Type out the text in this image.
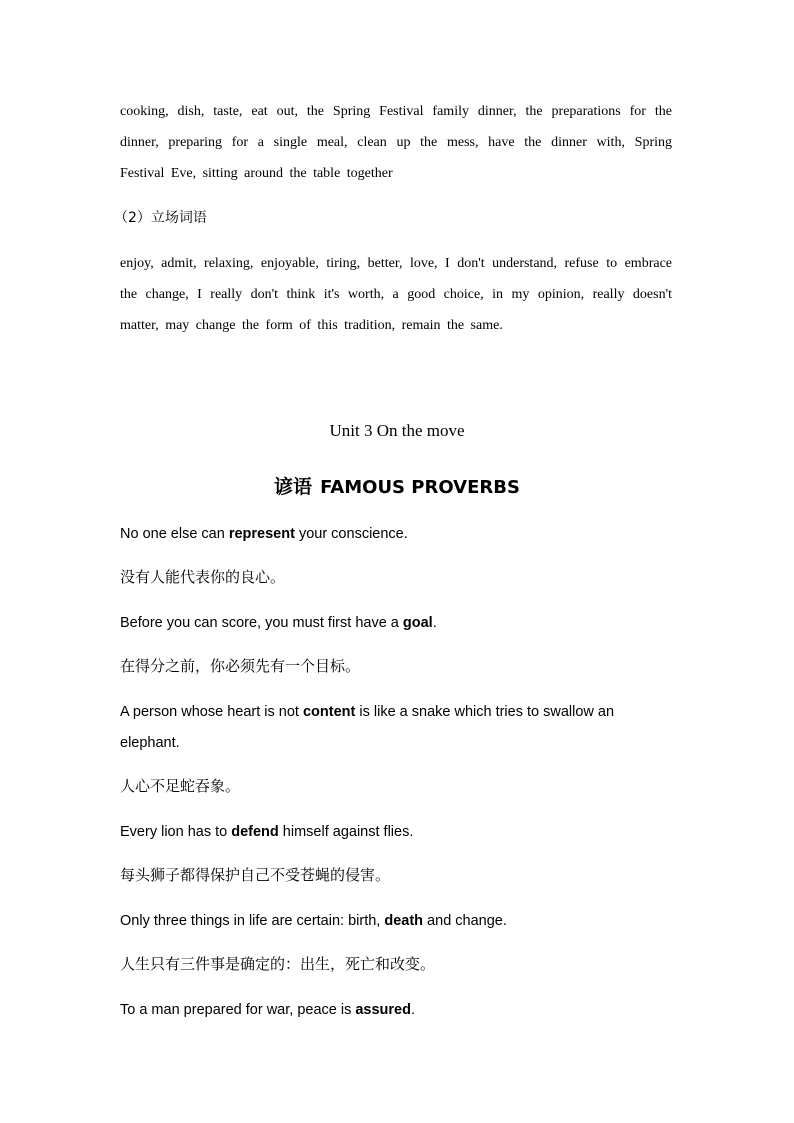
cooking, dish, taste, eat out, the Spring Festival family dinner, the preparations for the dinner, preparing for a single meal, clean up the mess, have the dinner with, Spring Festival Eve, sitting around the table together

（2）立场词语

enjoy, admit, relaxing, enjoyable, tiring, better, love, I don't understand, refuse to embrace the change, I really don't think it's worth, a good choice, in my opinion, really doesn't matter, may change the form of this tradition, remain the same.

Unit 3 On the move
谚语 FAMOUS PROVERBS

No one else can represent your conscience.

没有人能代表你的良心。

Before you can score, you must first have a goal.

在得分之前，你必须先有一个目标。

A person whose heart is not content is like a snake which tries to swallow an elephant.

人心不足蛇吞象。

Every lion has to defend himself against flies.

每头狮子都得保护自己不受苍蝇的侵害。

Only three things in life are certain: birth, death and change.

人生只有三件事是确定的：出生，死亡和改变。

To a man prepared for war, peace is assured.
